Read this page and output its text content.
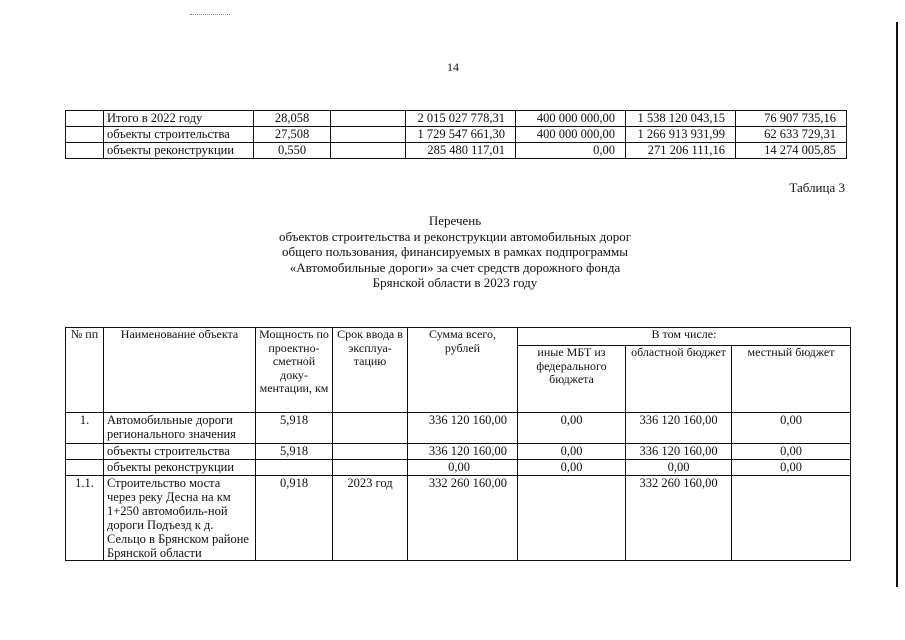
14
	Итого в 2022 году	28,058		2 015 027 778,31	400 000 000,00	1 538 120 043,15	76 907 735,16
	объекты строительства	27,508		1 729 547 661,30	400 000 000,00	1 266 913 931,99	62 633 729,31
	объекты реконструкции	0,550		285 480 117,01	0,00	271 206 111,16	14 274 005,85
Таблица 3
Перечень
объектов строительства и реконструкции автомобильных дорог
общего пользования, финансируемых в рамках подпрограммы
«Автомобильные дороги» за счет средств дорожного фонда
Брянской области в 2023 году
№ пп	Наименование объекта	Мощность по проектно-сметной доку-ментации, км	Срок ввода в эксплуа-тацию	Сумма всего, рублей	В том числе:		
					иные МБТ из федерального бюджета	областной бюджет	местный бюджет
1.	Автомобильные дороги регионального значения	5,918		336 120 160,00	0,00	336 120 160,00	0,00
	объекты строительства	5,918		336 120 160,00	0,00	336 120 160,00	0,00
	объекты реконструкции			0,00	0,00	0,00	0,00
1.1.	Строительство моста через реку Десна на км 1+250 автомобиль-ной дороги Подъезд к д. Сельцо в Брянском районе Брянской области	0,918	2023 год	332 260 160,00		332 260 160,00	
